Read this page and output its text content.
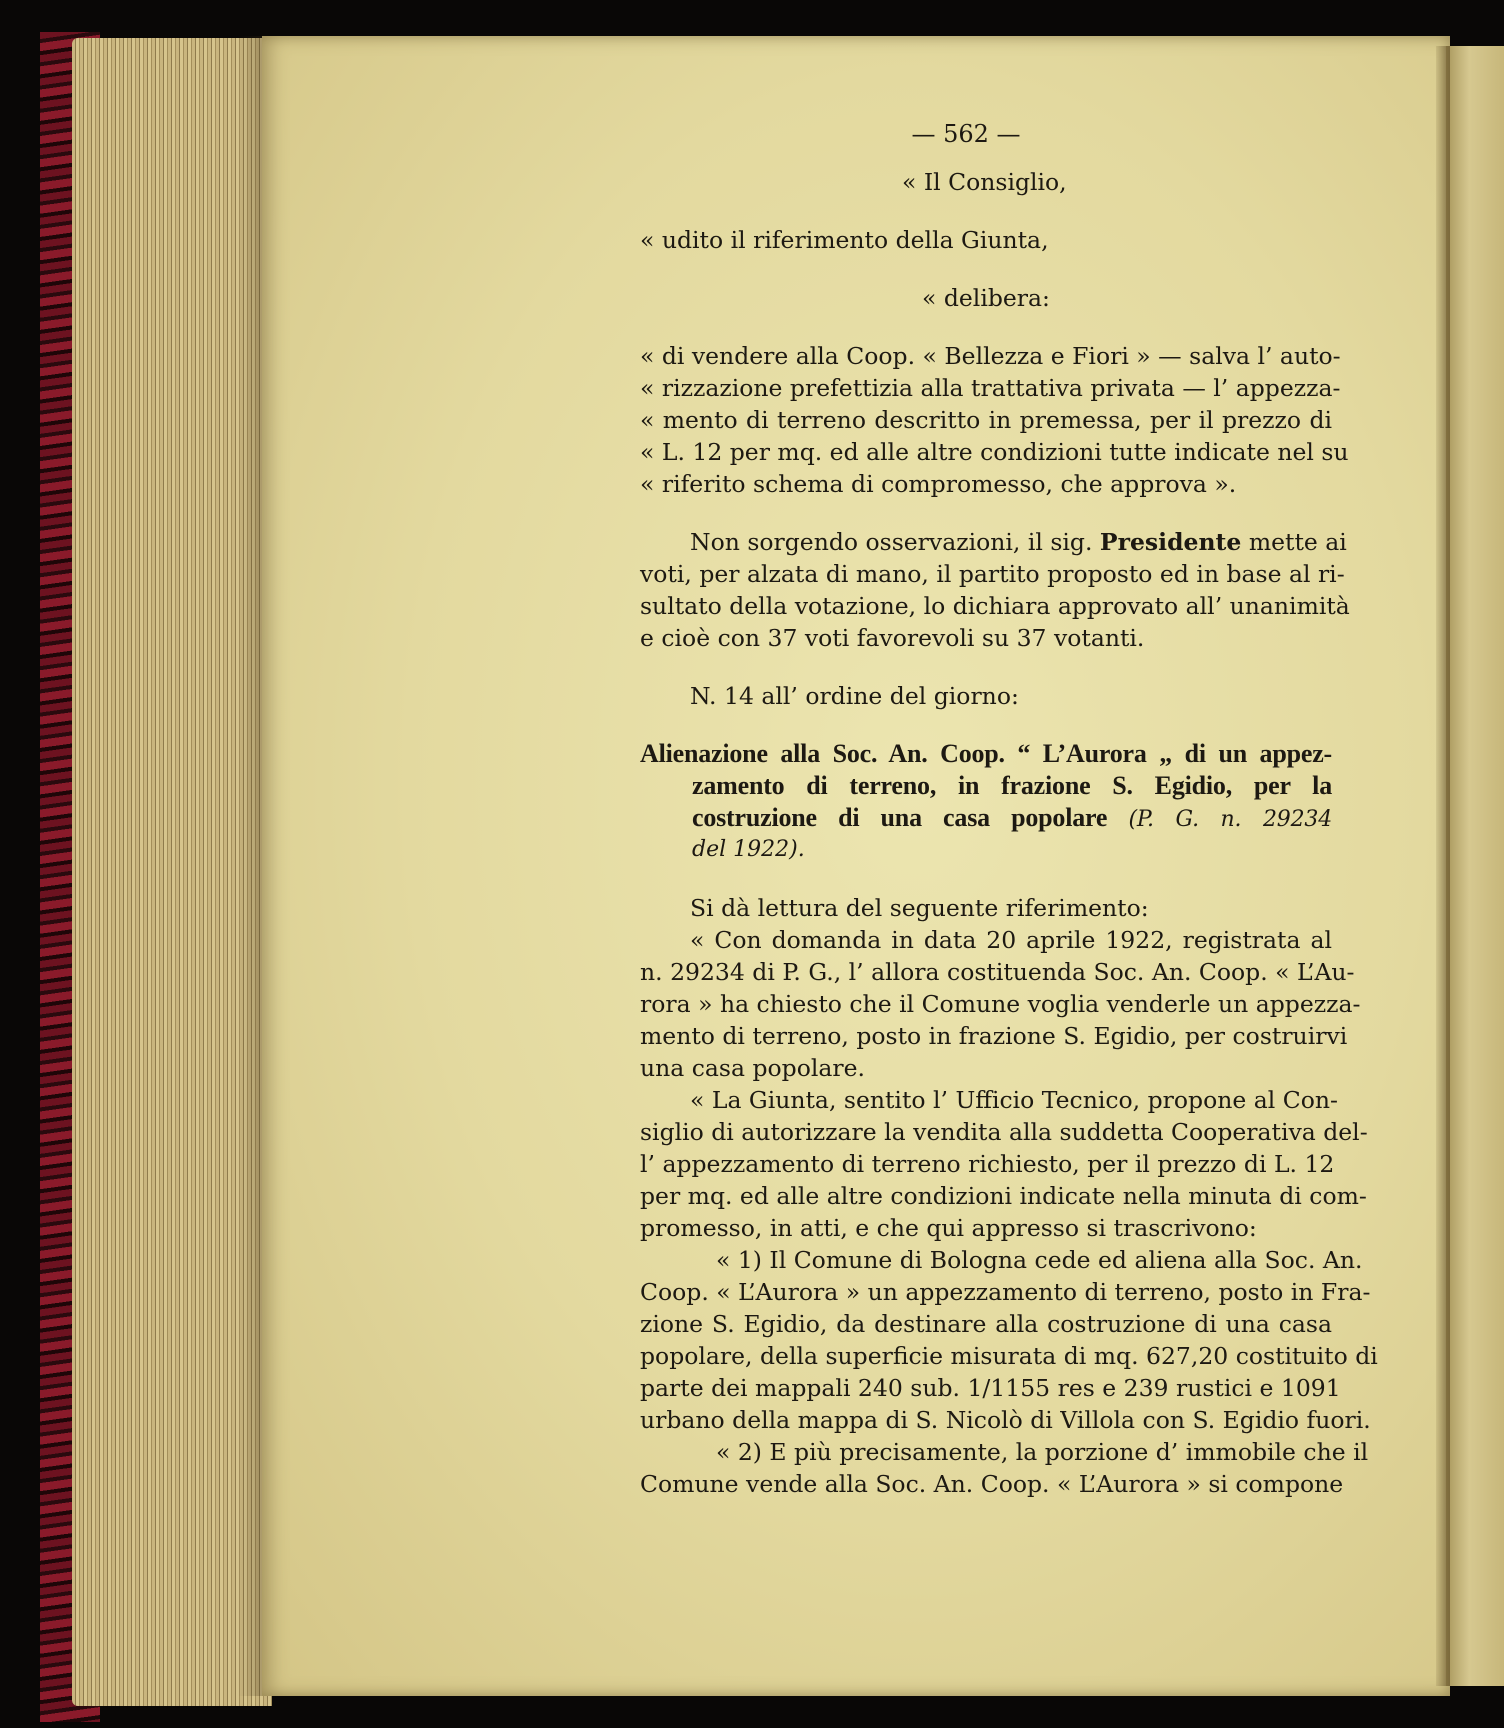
— 562 —
« Il Consiglio,
« udito il riferimento della Giunta,
« delibera:
« di vendere alla Coop. « Bellezza e Fiori » — salva l’ auto-
« rizzazione prefettizia alla trattativa privata — l’ appezza-
« mento di terreno descritto in premessa, per il prezzo di
« L. 12 per mq. ed alle altre condizioni tutte indicate nel su
« riferito schema di compromesso, che approva ».
Non sorgendo osservazioni, il sig. Presidente mette ai
voti, per alzata di mano, il partito proposto ed in base al ri-
sultato della votazione, lo dichiara approvato all’ unanimità
e cioè con 37 voti favorevoli su 37 votanti.
N. 14 all’ ordine del giorno:
Alienazione alla Soc. An. Coop. “ L’Aurora „ di un appez-
zamento di terreno, in frazione S. Egidio, per la
costruzione di una casa popolare (P. G. n. 29234
del 1922).
Si dà lettura del seguente riferimento:
« Con domanda in data 20 aprile 1922, registrata al
n. 29234 di P. G., l’ allora costituenda Soc. An. Coop. « L’Au-
rora » ha chiesto che il Comune voglia venderle un appezza-
mento di terreno, posto in frazione S. Egidio, per costruirvi
una casa popolare.
« La Giunta, sentito l’ Ufficio Tecnico, propone al Con-
siglio di autorizzare la vendita alla suddetta Cooperativa del-
l’ appezzamento di terreno richiesto, per il prezzo di L. 12
per mq. ed alle altre condizioni indicate nella minuta di com-
promesso, in atti, e che qui appresso si trascrivono:
« 1) Il Comune di Bologna cede ed aliena alla Soc. An.
Coop. « L’Aurora » un appezzamento di terreno, posto in Fra-
zione S. Egidio, da destinare alla costruzione di una casa
popolare, della superficie misurata di mq. 627,20 costituito di
parte dei mappali 240 sub. 1/1155 res e 239 rustici e 1091
urbano della mappa di S. Nicolò di Villola con S. Egidio fuori.
« 2) E più precisamente, la porzione d’ immobile che il
Comune vende alla Soc. An. Coop. « L’Aurora » si compone
